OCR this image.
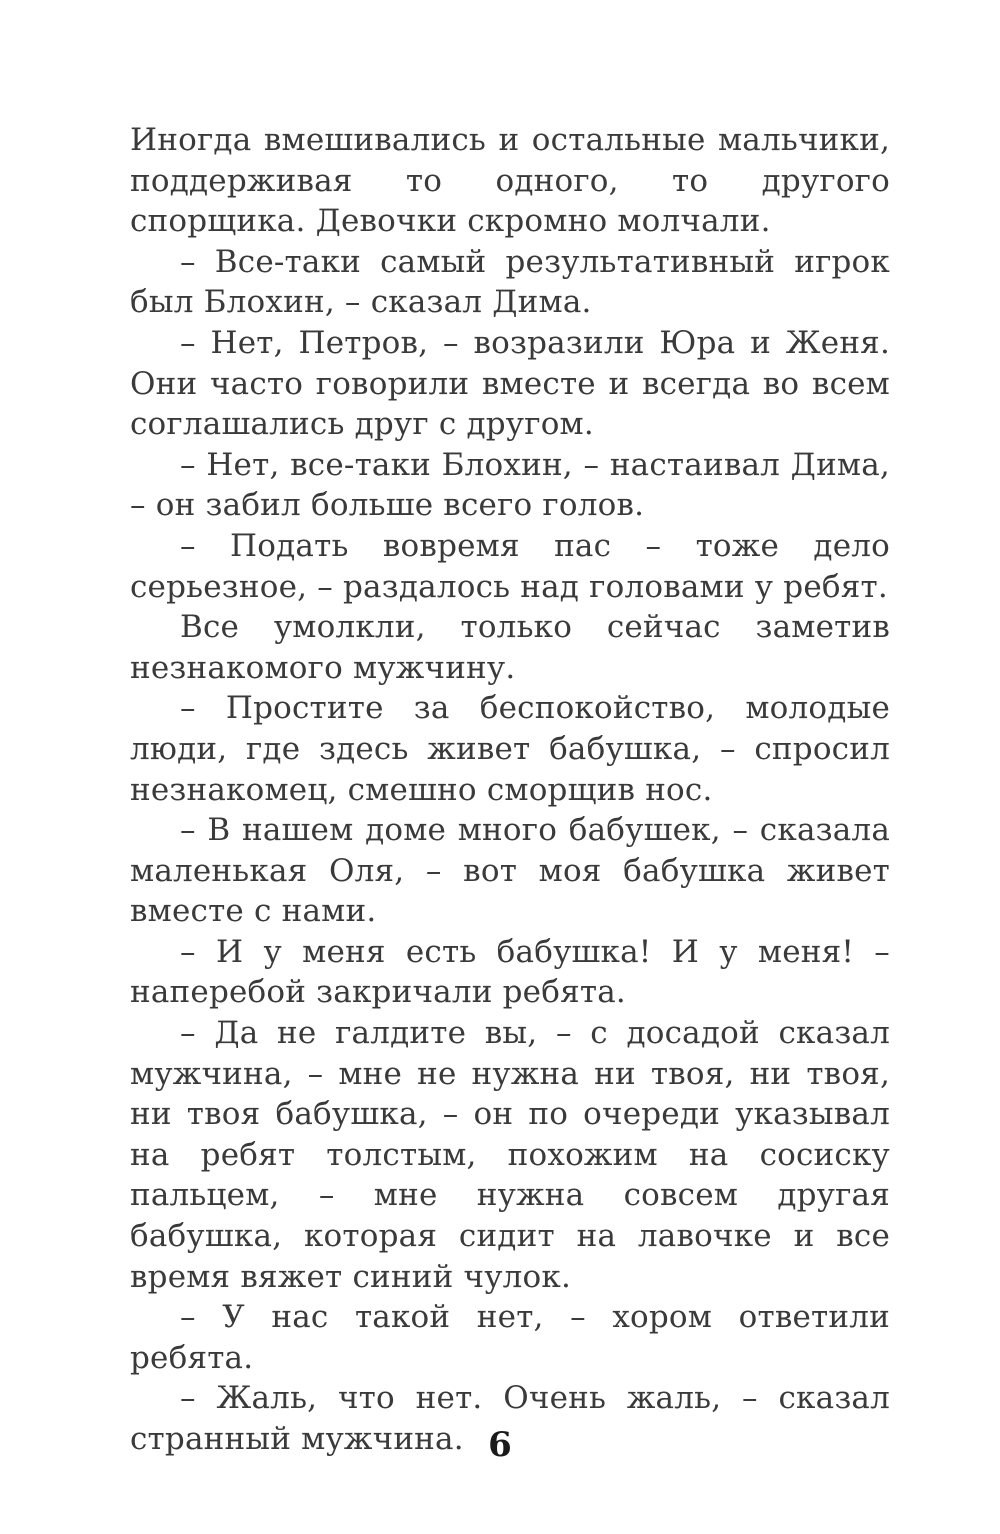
Иногда вмешивались и остальные мальчики, поддерживая то одного, то другого спорщика. Девочки скромно молчали.

– Все-таки самый результативный игрок был Блохин, – сказал Дима.

– Нет, Петров, – возразили Юра и Женя. Они часто говорили вместе и всегда во всем соглашались друг с другом.

– Нет, все-таки Блохин, – настаивал Дима, – он забил больше всего голов.

– Подать вовремя пас – тоже дело серьезное, – раздалось над головами у ребят.

Все умолкли, только сейчас заметив незнакомого мужчину.

– Простите за беспокойство, молодые люди, где здесь живет бабушка, – спросил незнакомец, смешно сморщив нос.

– В нашем доме много бабушек, – сказала маленькая Оля, – вот моя бабушка живет вместе с нами.

– И у меня есть бабушка! И у меня! – наперебой закричали ребята.

– Да не галдите вы, – с досадой сказал мужчина, – мне не нужна ни твоя, ни твоя, ни твоя бабушка, – он по очереди указывал на ребят толстым, похожим на сосиску пальцем, – мне нужна совсем другая бабушка, которая сидит на лавочке и все время вяжет синий чулок.

– У нас такой нет, – хором ответили ребята.

– Жаль, что нет. Очень жаль, – сказал странный мужчина. 6
